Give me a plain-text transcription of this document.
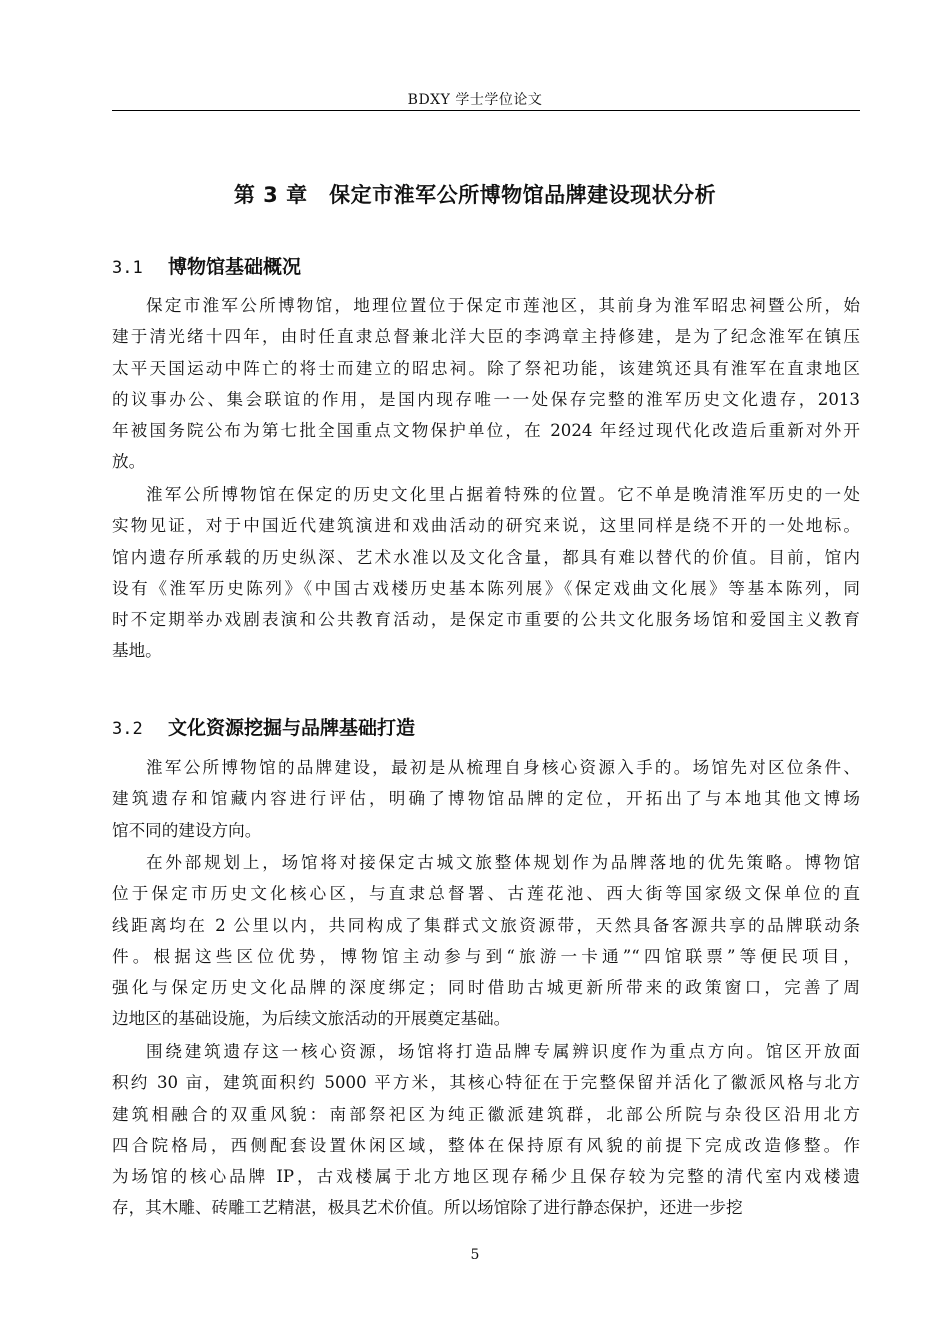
BDXY 学士学位论文
第 3 章　保定市淮军公所博物馆品牌建设现状分析
3.1 博物馆基础概况
保定市淮军公所博物馆，地理位置位于保定市莲池区，其前身为淮军昭忠祠暨公所，始
建于清光绪十四年，由时任直隶总督兼北洋大臣的李鸿章主持修建，是为了纪念淮军在镇压
太平天国运动中阵亡的将士而建立的昭忠祠。除了祭祀功能，该建筑还具有淮军在直隶地区
的议事办公、集会联谊的作用，是国内现存唯一一处保存完整的淮军历史文化遗存，2013
年被国务院公布为第七批全国重点文物保护单位，在 2024 年经过现代化改造后重新对外开
放。
淮军公所博物馆在保定的历史文化里占据着特殊的位置。它不单是晚清淮军历史的一处
实物见证，对于中国近代建筑演进和戏曲活动的研究来说，这里同样是绕不开的一处地标。
馆内遗存所承载的历史纵深、艺术水准以及文化含量，都具有难以替代的价值。目前，馆内
设有《淮军历史陈列》《中国古戏楼历史基本陈列展》《保定戏曲文化展》等基本陈列，同
时不定期举办戏剧表演和公共教育活动，是保定市重要的公共文化服务场馆和爱国主义教育
基地。
3.2 文化资源挖掘与品牌基础打造
淮军公所博物馆的品牌建设，最初是从梳理自身核心资源入手的。场馆先对区位条件、
建筑遗存和馆藏内容进行评估，明确了博物馆品牌的定位，开拓出了与本地其他文博场
馆不同的建设方向。
在外部规划上，场馆将对接保定古城文旅整体规划作为品牌落地的优先策略。博物馆
位于保定市历史文化核心区，与直隶总督署、古莲花池、西大街等国家级文保单位的直
线距离均在 2 公里以内，共同构成了集群式文旅资源带，天然具备客源共享的品牌联动条
件。根据这些区位优势，博物馆主动参与到“旅游一卡通”“四馆联票”等便民项目，
强化与保定历史文化品牌的深度绑定；同时借助古城更新所带来的政策窗口，完善了周
边地区的基础设施，为后续文旅活动的开展奠定基础。
围绕建筑遗存这一核心资源，场馆将打造品牌专属辨识度作为重点方向。馆区开放面
积约 30 亩，建筑面积约 5000 平方米，其核心特征在于完整保留并活化了徽派风格与北方
建筑相融合的双重风貌：南部祭祀区为纯正徽派建筑群，北部公所院与杂役区沿用北方
四合院格局，西侧配套设置休闲区域，整体在保持原有风貌的前提下完成改造修整。作
为场馆的核心品牌 IP，古戏楼属于北方地区现存稀少且保存较为完整的清代室内戏楼遗
存，其木雕、砖雕工艺精湛，极具艺术价值。所以场馆除了进行静态保护，还进一步挖
5
